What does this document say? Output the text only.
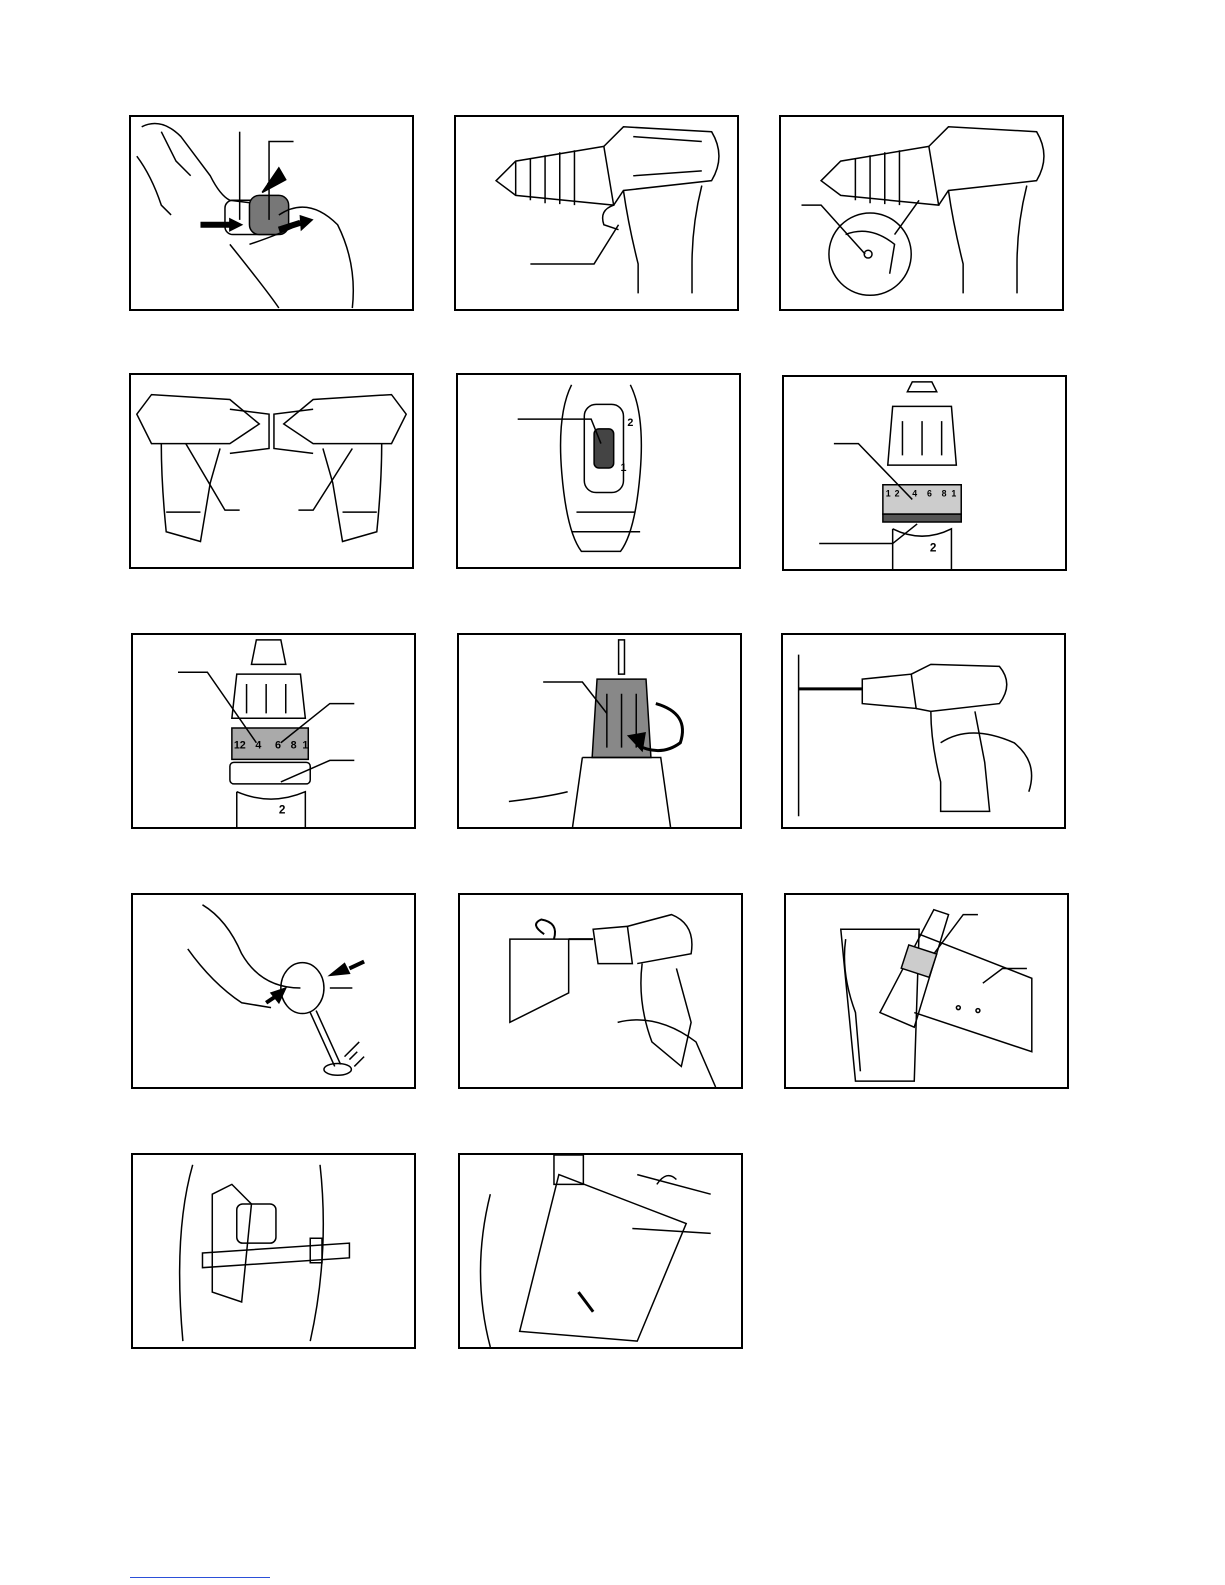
2
1
1 2 4 6 8 1
2
12 4 6 8 1
2
